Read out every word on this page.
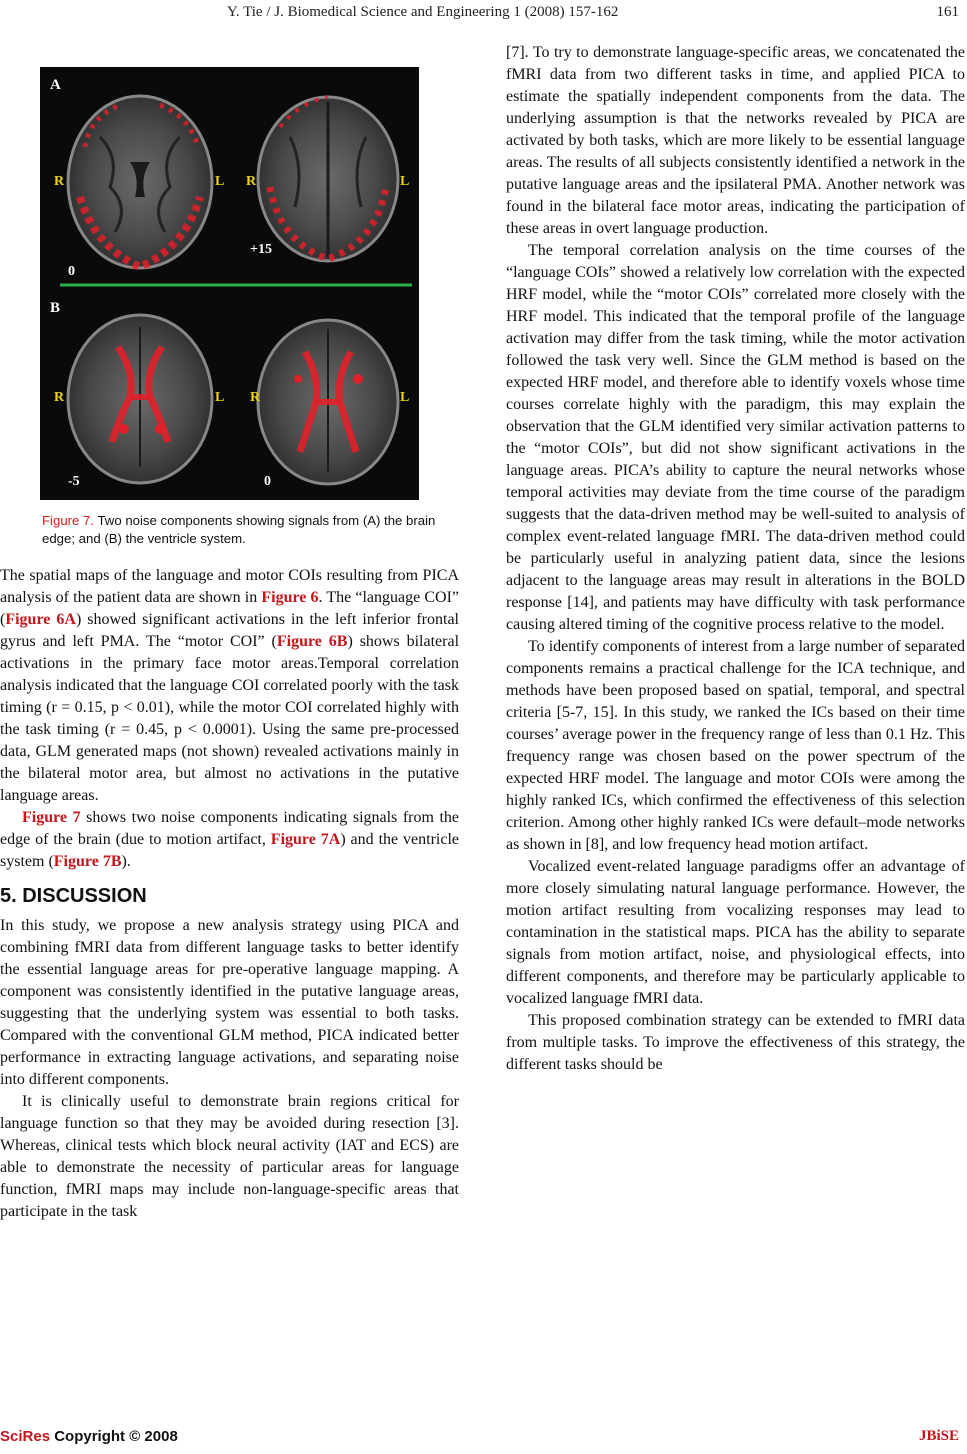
Y. Tie / J. Biomedical Science and Engineering 1 (2008) 157-162	161
A
R	L R	L
0
+15
B
R	L R	L
-5	0
Figure 7. Two noise components showing signals from (A) the brain edge; and (B) the ventricle system.

The spatial maps of the language and motor COIs resulting from PICA analysis of the patient data are shown in Figure 6. The “language COI” (Figure 6A) showed significant activations in the left inferior frontal gyrus and left PMA. The “motor COI” (Figure 6B) shows bilateral activations in the primary face motor areas.Temporal correlation analysis indicated that the language COI correlated poorly with the task timing (r = 0.15, p < 0.01), while the motor COI correlated highly with the task timing (r = 0.45, p < 0.0001). Using the same pre-processed data, GLM generated maps (not shown) revealed activations mainly in the bilateral motor area, but almost no activations in the putative language areas.

Figure 7 shows two noise components indicating signals from the edge of the brain (due to motion artifact, Figure 7A) and the ventricle system (Figure 7B).

5. DISCUSSION

In this study, we propose a new analysis strategy using PICA and combining fMRI data from different language tasks to better identify the essential language areas for pre-operative language mapping. A component was consistently identified in the putative language areas, suggesting that the underlying system was essential to both tasks. Compared with the conventional GLM method, PICA indicated better performance in extracting language activations, and separating noise into different components.

It is clinically useful to demonstrate brain regions critical for language function so that they may be avoided during resection [3]. Whereas, clinical tests which block neural activity (IAT and ECS) are able to demonstrate the necessity of particular areas for language function, fMRI maps may include non-language-specific areas that participate in the task

[7]. To try to demonstrate language-specific areas, we concatenated the fMRI data from two different tasks in time, and applied PICA to estimate the spatially independent components from the data. The underlying assumption is that the networks revealed by PICA are activated by both tasks, which are more likely to be essential language areas. The results of all subjects consistently identified a network in the putative language areas and the ipsilateral PMA. Another network was found in the bilateral face motor areas, indicating the participation of these areas in overt language production.

The temporal correlation analysis on the time courses of the “language COIs” showed a relatively low correlation with the expected HRF model, while the “motor COIs” correlated more closely with the HRF model. This indicated that the temporal profile of the language activation may differ from the task timing, while the motor activation followed the task very well. Since the GLM method is based on the expected HRF model, and therefore able to identify voxels whose time courses correlate highly with the paradigm, this may explain the observation that the GLM identified very similar activation patterns to the “motor COIs”, but did not show significant activations in the language areas. PICA’s ability to capture the neural networks whose temporal activities may deviate from the time course of the paradigm suggests that the data-driven method may be well-suited to analysis of complex event-related language fMRI. The data-driven method could be particularly useful in analyzing patient data, since the lesions adjacent to the language areas may result in alterations in the BOLD response [14], and patients may have difficulty with task performance causing altered timing of the cognitive process relative to the model.

To identify components of interest from a large number of separated components remains a practical challenge for the ICA technique, and methods have been proposed based on spatial, temporal, and spectral criteria [5-7, 15]. In this study, we ranked the ICs based on their time courses’ average power in the frequency range of less than 0.1 Hz. This frequency range was chosen based on the power spectrum of the expected HRF model. The language and motor COIs were among the highly ranked ICs, which confirmed the effectiveness of this selection criterion. Among other highly ranked ICs were default–mode networks as shown in [8], and low frequency head motion artifact.

Vocalized event-related language paradigms offer an advantage of more closely simulating natural language performance. However, the motion artifact resulting from vocalizing responses may lead to contamination in the statistical maps. PICA has the ability to separate signals from motion artifact, noise, and physiological effects, into different components, and therefore may be particularly applicable to vocalized language fMRI data.

This proposed combination strategy can be extended to fMRI data from multiple tasks. To improve the effectiveness of this strategy, the different tasks should be

SciRes Copyright © 2008	JBiSE
